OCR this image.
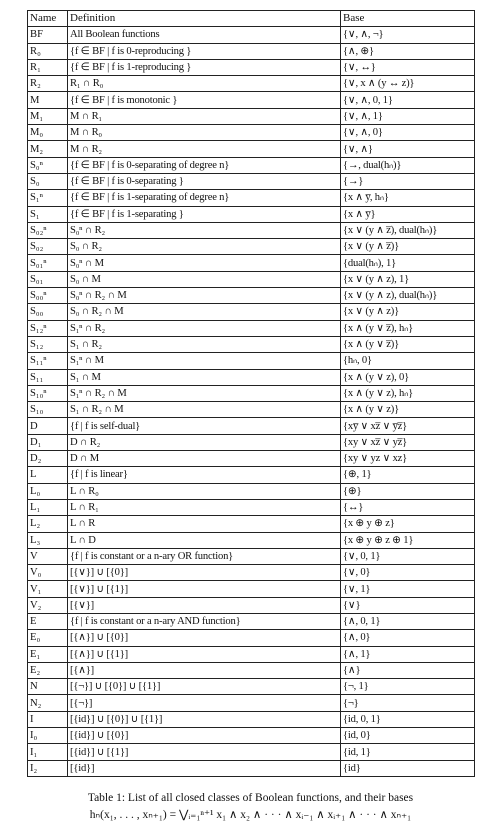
Name	Definition	Base
BF	All Boolean functions	{∨, ∧, ¬}
R₀	{f ∈ BF | f is 0-reproducing }	{∧, ⊕}
R₁	{f ∈ BF | f is 1-reproducing }	{∨, ↔}
R₂	R₁ ∩ R₀	{∨, x ∧ (y ↔ z)}
M	{f ∈ BF | f is monotonic }	{∨, ∧, 0, 1}
M₁	M ∩ R₁	{∨, ∧, 1}
M₀	M ∩ R₀	{∨, ∧, 0}
M₂	M ∩ R₂	{∨, ∧}
S₀ⁿ	{f ∈ BF | f is 0-separating of degree n}	{→, dual(hₙ)}
S₀	{f ∈ BF | f is 0-separating }	{→}
S₁ⁿ	{f ∈ BF | f is 1-separating of degree n}	{x ∧ y̅, hₙ}
S₁	{f ∈ BF | f is 1-separating }	{x ∧ y̅}
S₀₂ⁿ	S₀ⁿ ∩ R₂	{x ∨ (y ∧ z̅), dual(hₙ)}
S₀₂	S₀ ∩ R₂	{x ∨ (y ∧ z̅)}
S₀₁ⁿ	S₀ⁿ ∩ M	{dual(hₙ), 1}
S₀₁	S₀ ∩ M	{x ∨ (y ∧ z), 1}
S₀₀ⁿ	S₀ⁿ ∩ R₂ ∩ M	{x ∨ (y ∧ z), dual(hₙ)}
S₀₀	S₀ ∩ R₂ ∩ M	{x ∨ (y ∧ z)}
S₁₂ⁿ	S₁ⁿ ∩ R₂	{x ∧ (y ∨ z̅), hₙ}
S₁₂	S₁ ∩ R₂	{x ∧ (y ∨ z̅)}
S₁₁ⁿ	S₁ⁿ ∩ M	{hₙ, 0}
S₁₁	S₁ ∩ M	{x ∧ (y ∨ z), 0}
S₁₀ⁿ	S₁ⁿ ∩ R₂ ∩ M	{x ∧ (y ∨ z), hₙ}
S₁₀	S₁ ∩ R₂ ∩ M	{x ∧ (y ∨ z)}
D	{f | f is self-dual}	{xy̅ ∨ xz̅ ∨ y̅z̅}
D₁	D ∩ R₂	{xy ∨ xz̅ ∨ yz̅}
D₂	D ∩ M	{xy ∨ yz ∨ xz}
L	{f | f is linear}	{⊕, 1}
L₀	L ∩ R₀	{⊕}
L₁	L ∩ R₁	{↔}
L₂	L ∩ R	{x ⊕ y ⊕ z}
L₃	L ∩ D	{x ⊕ y ⊕ z ⊕ 1}
V	{f | f is constant or a n-ary OR function}	{∨, 0, 1}
V₀	[{∨}] ∪ [{0}]	{∨, 0}
V₁	[{∨}] ∪ [{1}]	{∨, 1}
V₂	[{∨}]	{∨}
E	{f | f is constant or a n-ary AND function}	{∧, 0, 1}
E₀	[{∧}] ∪ [{0}]	{∧, 0}
E₁	[{∧}] ∪ [{1}]	{∧, 1}
E₂	[{∧}]	{∧}
N	[{¬}] ∪ [{0}] ∪ [{1}]	{¬, 1}
N₂	[{¬}]	{¬}
I	[{id}] ∪ [{0}] ∪ [{1}]	{id, 0, 1}
I₀	[{id}] ∪ [{0}]	{id, 0}
I₁	[{id}] ∪ [{1}]	{id, 1}
I₂	[{id}]	{id}
Table 1: List of all closed classes of Boolean functions, and their bases
hₙ(x₁, . . . , xₙ₊₁) = ⋁ᵢ₌₁ⁿ⁺¹ x₁ ∧ x₂ ∧ · · · ∧ xᵢ₋₁ ∧ xᵢ₊₁ ∧ · · · ∧ xₙ₊₁
